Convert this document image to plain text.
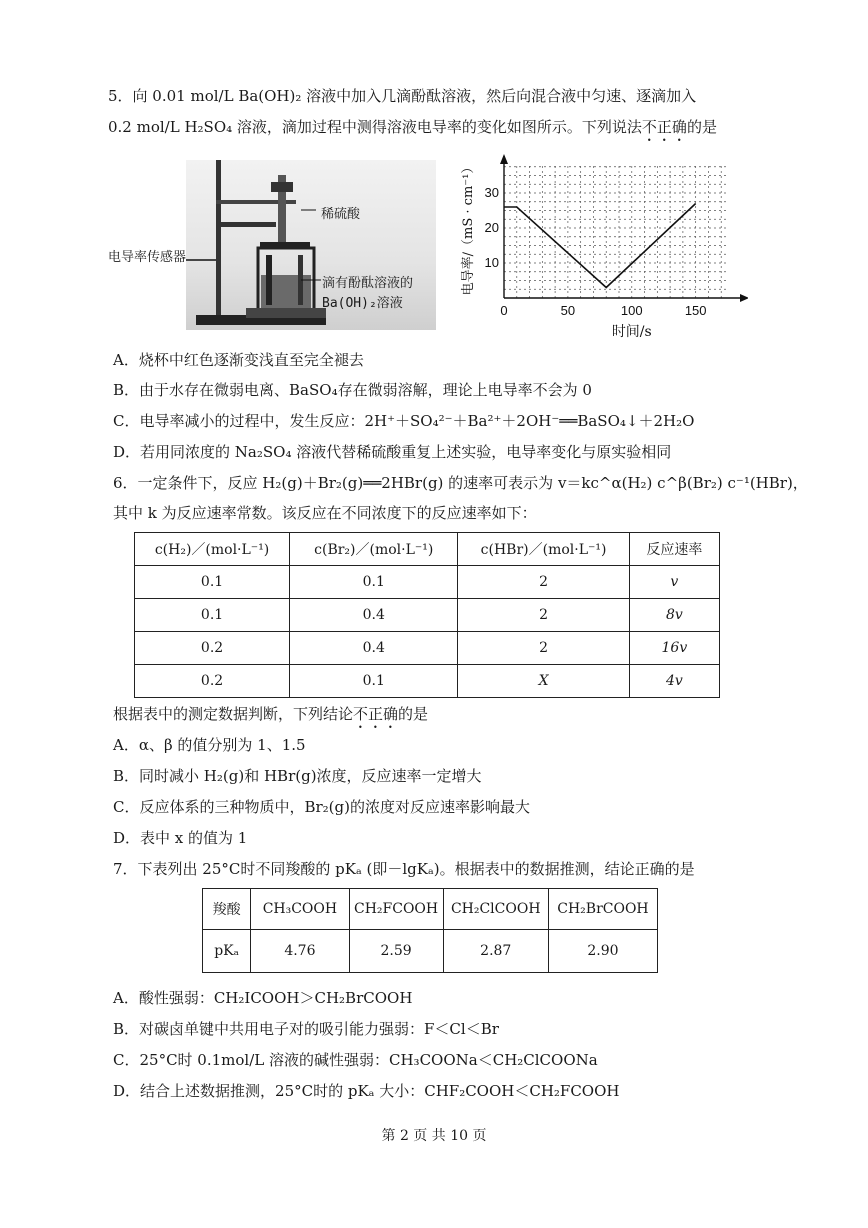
5．向 0.01 mol/L Ba(OH)₂ 溶液中加入几滴酚酞溶液，然后向混合液中匀速、逐滴加入
0.2 mol/L H₂SO₄ 溶液，滴加过程中测得溶液电导率的变化如图所示。下列说法不正确的是
电导率传感器
稀硫酸
滴有酚酞溶液的
Ba(OH)₂溶液	0	50	100	150
10
20
30
时间/s
电导率/（mS · cm⁻¹）
A．烧杯中红色逐渐变浅直至完全褪去
B．由于水存在微弱电离、BaSO₄存在微弱溶解，理论上电导率不会为 0
C．电导率减小的过程中，发生反应：2H⁺＋SO₄²⁻＋Ba²⁺＋2OH⁻══BaSO₄↓＋2H₂O
D．若用同浓度的 Na₂SO₄ 溶液代替稀硫酸重复上述实验，电导率变化与原实验相同
6．一定条件下，反应 H₂(g)＋Br₂(g)══2HBr(g) 的速率可表示为 v＝kc^α(H₂) c^β(Br₂) c⁻¹(HBr)，
其中 k 为反应速率常数。该反应在不同浓度下的反应速率如下：
c(H₂)／(mol·L⁻¹)	c(Br₂)／(mol·L⁻¹)	c(HBr)／(mol·L⁻¹)	反应速率
0.1	0.1	2	v
0.1	0.4	2	8v
0.2	0.4	2	16v
0.2	0.1	X	4v
根据表中的测定数据判断，下列结论不正确的是
A．α、β 的值分别为 1、1.5
B．同时减小 H₂(g)和 HBr(g)浓度，反应速率一定增大
C．反应体系的三种物质中，Br₂(g)的浓度对反应速率影响最大
D．表中 x 的值为 1
7．下表列出 25°C时不同羧酸的 pKₐ (即－lgKₐ)。根据表中的数据推测，结论正确的是
羧酸	CH₃COOH	CH₂FCOOH	CH₂ClCOOH	CH₂BrCOOH
pKₐ	4.76	2.59	2.87	2.90
A．酸性强弱：CH₂ICOOH＞CH₂BrCOOH
B．对碳卤单键中共用电子对的吸引能力强弱：F＜Cl＜Br
C．25°C时 0.1mol/L 溶液的碱性强弱：CH₃COONa＜CH₂ClCOONa
D．结合上述数据推测，25°C时的 pKₐ 大小：CHF₂COOH＜CH₂FCOOH
第 2 页 共 10 页
